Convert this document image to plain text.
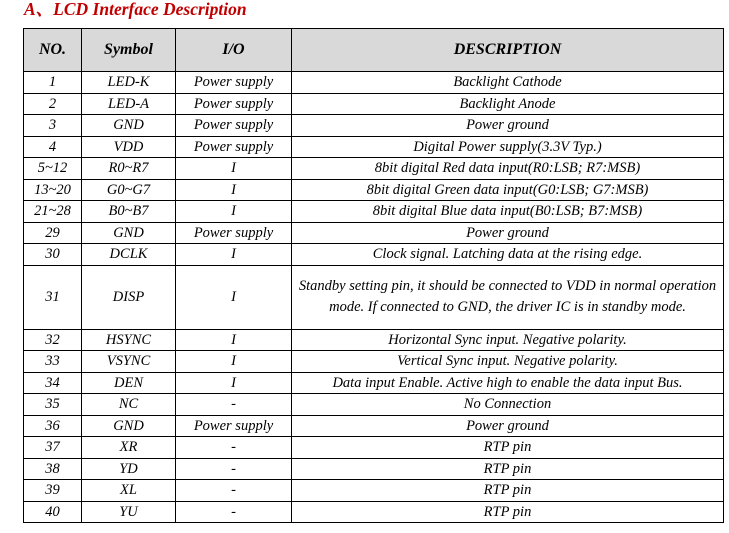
A、LCD Interface Description
NO.	Symbol	I/O	DESCRIPTION
1	LED-K	Power supply	Backlight Cathode
2	LED-A	Power supply	Backlight Anode
3	GND	Power supply	Power ground
4	VDD	Power supply	Digital Power supply(3.3V Typ.)
5~12	R0~R7	I	8bit digital Red data input(R0:LSB; R7:MSB)
13~20	G0~G7	I	8bit digital Green data input(G0:LSB; G7:MSB)
21~28	B0~B7	I	8bit digital Blue data input(B0:LSB; B7:MSB)
29	GND	Power supply	Power ground
30	DCLK	I	Clock signal. Latching data at the rising edge.
31	DISP	I	Standby setting pin, it should be connected to VDD in normal operation mode. If connected to GND, the driver IC is in standby mode.
32	HSYNC	I	Horizontal Sync input. Negative polarity.
33	VSYNC	I	Vertical Sync input. Negative polarity.
34	DEN	I	Data input Enable. Active high to enable the data input Bus.
35	NC	-	No Connection
36	GND	Power supply	Power ground
37	XR	-	RTP pin
38	YD	-	RTP pin
39	XL	-	RTP pin
40	YU	-	RTP pin
